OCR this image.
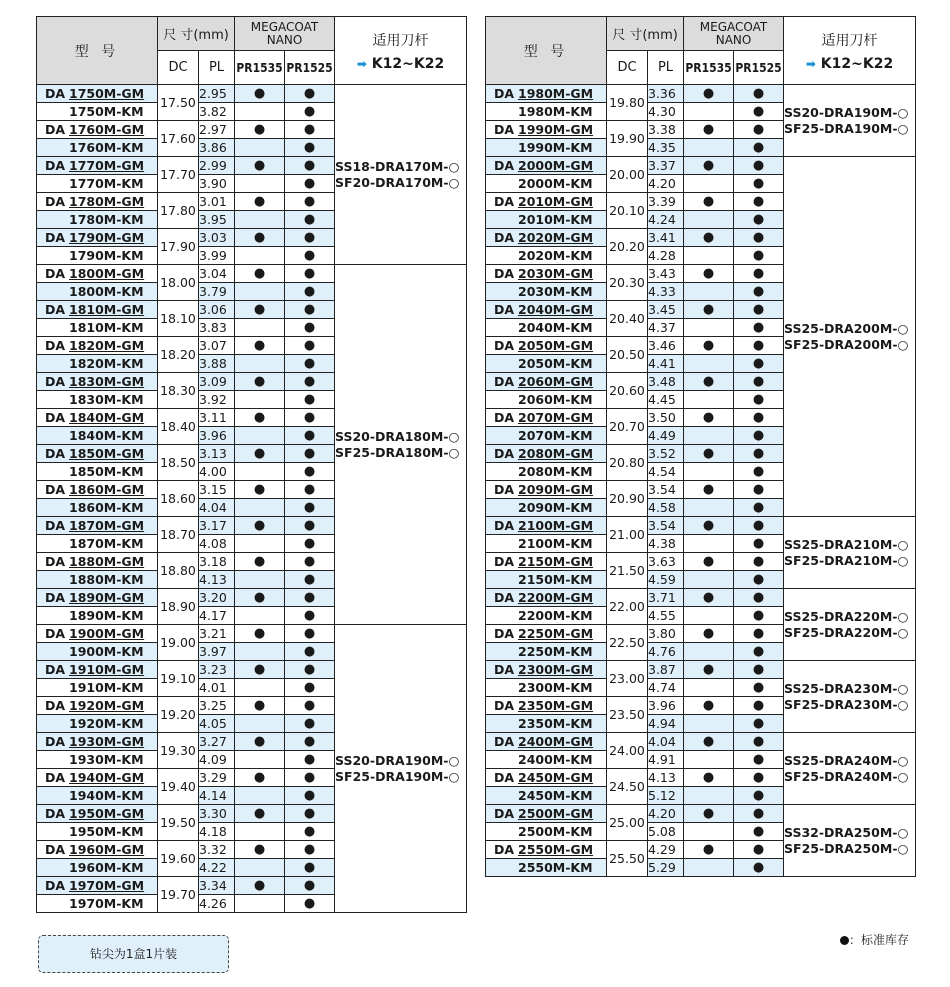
型 号	尺 寸(mm)		MEGACOAT
NANO		适用刀杆
➡ K12~K22

	DC	PL	PR1535	PR1525	
DA 1750M-GM	17.50	2.95	●	●	SS18-DRA170M-○
SF20-DRA170M-○

1750M-KM		3.82		●	
DA 1760M-GM	17.60	2.97	●	●	
1760M-KM		3.86		●	
DA 1770M-GM	17.70	2.99	●	●	
1770M-KM		3.90		●	
DA 1780M-GM	17.80	3.01	●	●	
1780M-KM		3.95		●	
DA 1790M-GM	17.90	3.03	●	●	
1790M-KM		3.99		●	
DA 1800M-GM	18.00	3.04	●	●	SS20-DRA180M-○
SF25-DRA180M-○

1800M-KM		3.79		●	
DA 1810M-GM	18.10	3.06	●	●	
1810M-KM		3.83		●	
DA 1820M-GM	18.20	3.07	●	●	
1820M-KM		3.88		●	
DA 1830M-GM	18.30	3.09	●	●	
1830M-KM		3.92		●	
DA 1840M-GM	18.40	3.11	●	●	
1840M-KM		3.96		●	
DA 1850M-GM	18.50	3.13	●	●	
1850M-KM		4.00		●	
DA 1860M-GM	18.60	3.15	●	●	
1860M-KM		4.04		●	
DA 1870M-GM	18.70	3.17	●	●	
1870M-KM		4.08		●	
DA 1880M-GM	18.80	3.18	●	●	
1880M-KM		4.13		●	
DA 1890M-GM	18.90	3.20	●	●	
1890M-KM		4.17		●	
DA 1900M-GM	19.00	3.21	●	●	SS20-DRA190M-○
SF25-DRA190M-○

1900M-KM		3.97		●	
DA 1910M-GM	19.10	3.23	●	●	
1910M-KM		4.01		●	
DA 1920M-GM	19.20	3.25	●	●	
1920M-KM		4.05		●	
DA 1930M-GM	19.30	3.27	●	●	
1930M-KM		4.09		●	
DA 1940M-GM	19.40	3.29	●	●	
1940M-KM		4.14		●	
DA 1950M-GM	19.50	3.30	●	●	
1950M-KM		4.18		●	
DA 1960M-GM	19.60	3.32	●	●	
1960M-KM		4.22		●	
DA 1970M-GM	19.70	3.34	●	●	
1970M-KM		4.26		●	
型 号	尺 寸(mm)		MEGACOAT
NANO		适用刀杆
➡ K12~K22

	DC	PL	PR1535	PR1525	
DA 1980M-GM	19.80	3.36	●	●	SS20-DRA190M-○
SF25-DRA190M-○

1980M-KM		4.30		●	
DA 1990M-GM	19.90	3.38	●	●	
1990M-KM		4.35		●	
DA 2000M-GM	20.00	3.37	●	●	SS25-DRA200M-○
SF25-DRA200M-○

2000M-KM		4.20		●	
DA 2010M-GM	20.10	3.39	●	●	
2010M-KM		4.24		●	
DA 2020M-GM	20.20	3.41	●	●	
2020M-KM		4.28		●	
DA 2030M-GM	20.30	3.43	●	●	
2030M-KM		4.33		●	
DA 2040M-GM	20.40	3.45	●	●	
2040M-KM		4.37		●	
DA 2050M-GM	20.50	3.46	●	●	
2050M-KM		4.41		●	
DA 2060M-GM	20.60	3.48	●	●	
2060M-KM		4.45		●	
DA 2070M-GM	20.70	3.50	●	●	
2070M-KM		4.49		●	
DA 2080M-GM	20.80	3.52	●	●	
2080M-KM		4.54		●	
DA 2090M-GM	20.90	3.54	●	●	
2090M-KM		4.58		●	
DA 2100M-GM	21.00	3.54	●	●	SS25-DRA210M-○
SF25-DRA210M-○

2100M-KM		4.38		●	
DA 2150M-GM	21.50	3.63	●	●	
2150M-KM		4.59		●	
DA 2200M-GM	22.00	3.71	●	●	SS25-DRA220M-○
SF25-DRA220M-○

2200M-KM		4.55		●	
DA 2250M-GM	22.50	3.80	●	●	
2250M-KM		4.76		●	
DA 2300M-GM	23.00	3.87	●	●	SS25-DRA230M-○
SF25-DRA230M-○

2300M-KM		4.74		●	
DA 2350M-GM	23.50	3.96	●	●	
2350M-KM		4.94		●	
DA 2400M-GM	24.00	4.04	●	●	SS25-DRA240M-○
SF25-DRA240M-○

2400M-KM		4.91		●	
DA 2450M-GM	24.50	4.13	●	●	
2450M-KM		5.12		●	
DA 2500M-GM	25.00	4.20	●	●	SS32-DRA250M-○
SF25-DRA250M-○

2500M-KM		5.08		●	
DA 2550M-GM	25.50	4.29	●	●	
2550M-KM		5.29		●	
钻尖为1盒1片装
：标准库存
